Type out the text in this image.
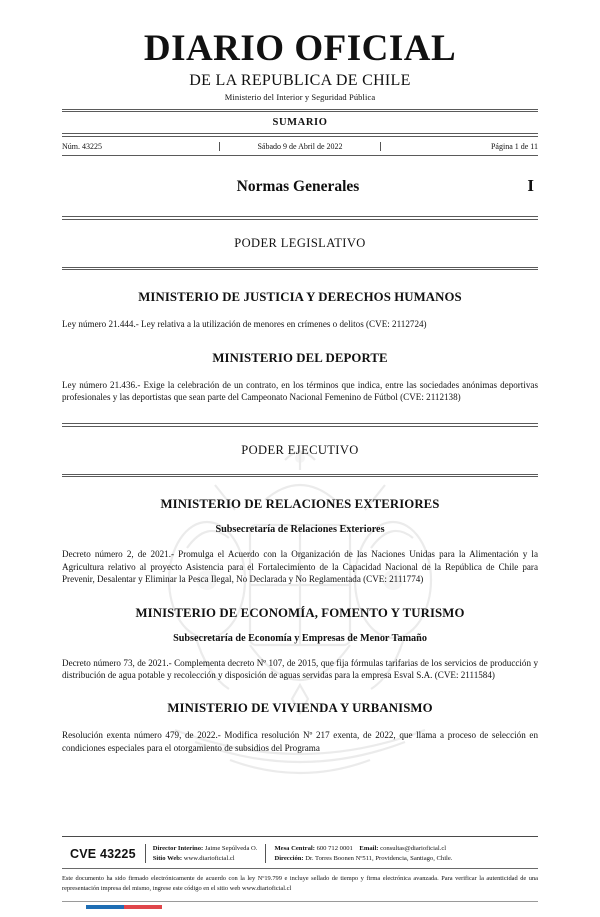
DIARIO OFICIAL
DE LA REPUBLICA DE CHILE
Ministerio del Interior y Seguridad Pública
SUMARIO
Núm. 43225	Sábado 9 de Abril de 2022	Página 1 de 11
Normas Generales	I
PODER LEGISLATIVO
MINISTERIO DE JUSTICIA Y DERECHOS HUMANOS
Ley número 21.444.- Ley relativa a la utilización de menores en crímenes o delitos (CVE: 2112724)
MINISTERIO DEL DEPORTE
Ley número 21.436.- Exige la celebración de un contrato, en los términos que indica, entre las sociedades anónimas deportivas profesionales y las deportistas que sean parte del Campeonato Nacional Femenino de Fútbol (CVE: 2112138)
PODER EJECUTIVO
MINISTERIO DE RELACIONES EXTERIORES
Subsecretaría de Relaciones Exteriores
Decreto número 2, de 2021.- Promulga el Acuerdo con la Organización de las Naciones Unidas para la Alimentación y la Agricultura relativo al proyecto Asistencia para el Fortalecimiento de la Capacidad Nacional de la República de Chile para Prevenir, Desalentar y Eliminar la Pesca Ilegal, No Declarada y No Reglamentada (CVE: 2111774)
MINISTERIO DE ECONOMÍA, FOMENTO Y TURISMO
Subsecretaría de Economía y Empresas de Menor Tamaño
Decreto número 73, de 2021.- Complementa decreto Nº 107, de 2015, que fija fórmulas tarifarias de los servicios de producción y distribución de agua potable y recolección y disposición de aguas servidas para la empresa Esval S.A. (CVE: 2111584)
MINISTERIO DE VIVIENDA Y URBANISMO
Resolución exenta número 479, de 2022.- Modifica resolución Nº 217 exenta, de 2022, que llama a proceso de selección en condiciones especiales para el otorgamiento de subsidios del Programa
CVE 43225	Director Interino: Jaime Sepúlveda O.
Sitio Web: www.diarioficial.cl
Mesa Central: 600 712 0001 Email: consultas@diarioficial.cl
Dirección: Dr. Torres Boonen Nº511, Providencia, Santiago, Chile.
Este documento ha sido firmado electrónicamente de acuerdo con la ley Nº19.799 e incluye sellado de tiempo y firma electrónica avanzada. Para verificar la autenticidad de una representación impresa del mismo, ingrese este código en el sitio web www.diarioficial.cl
